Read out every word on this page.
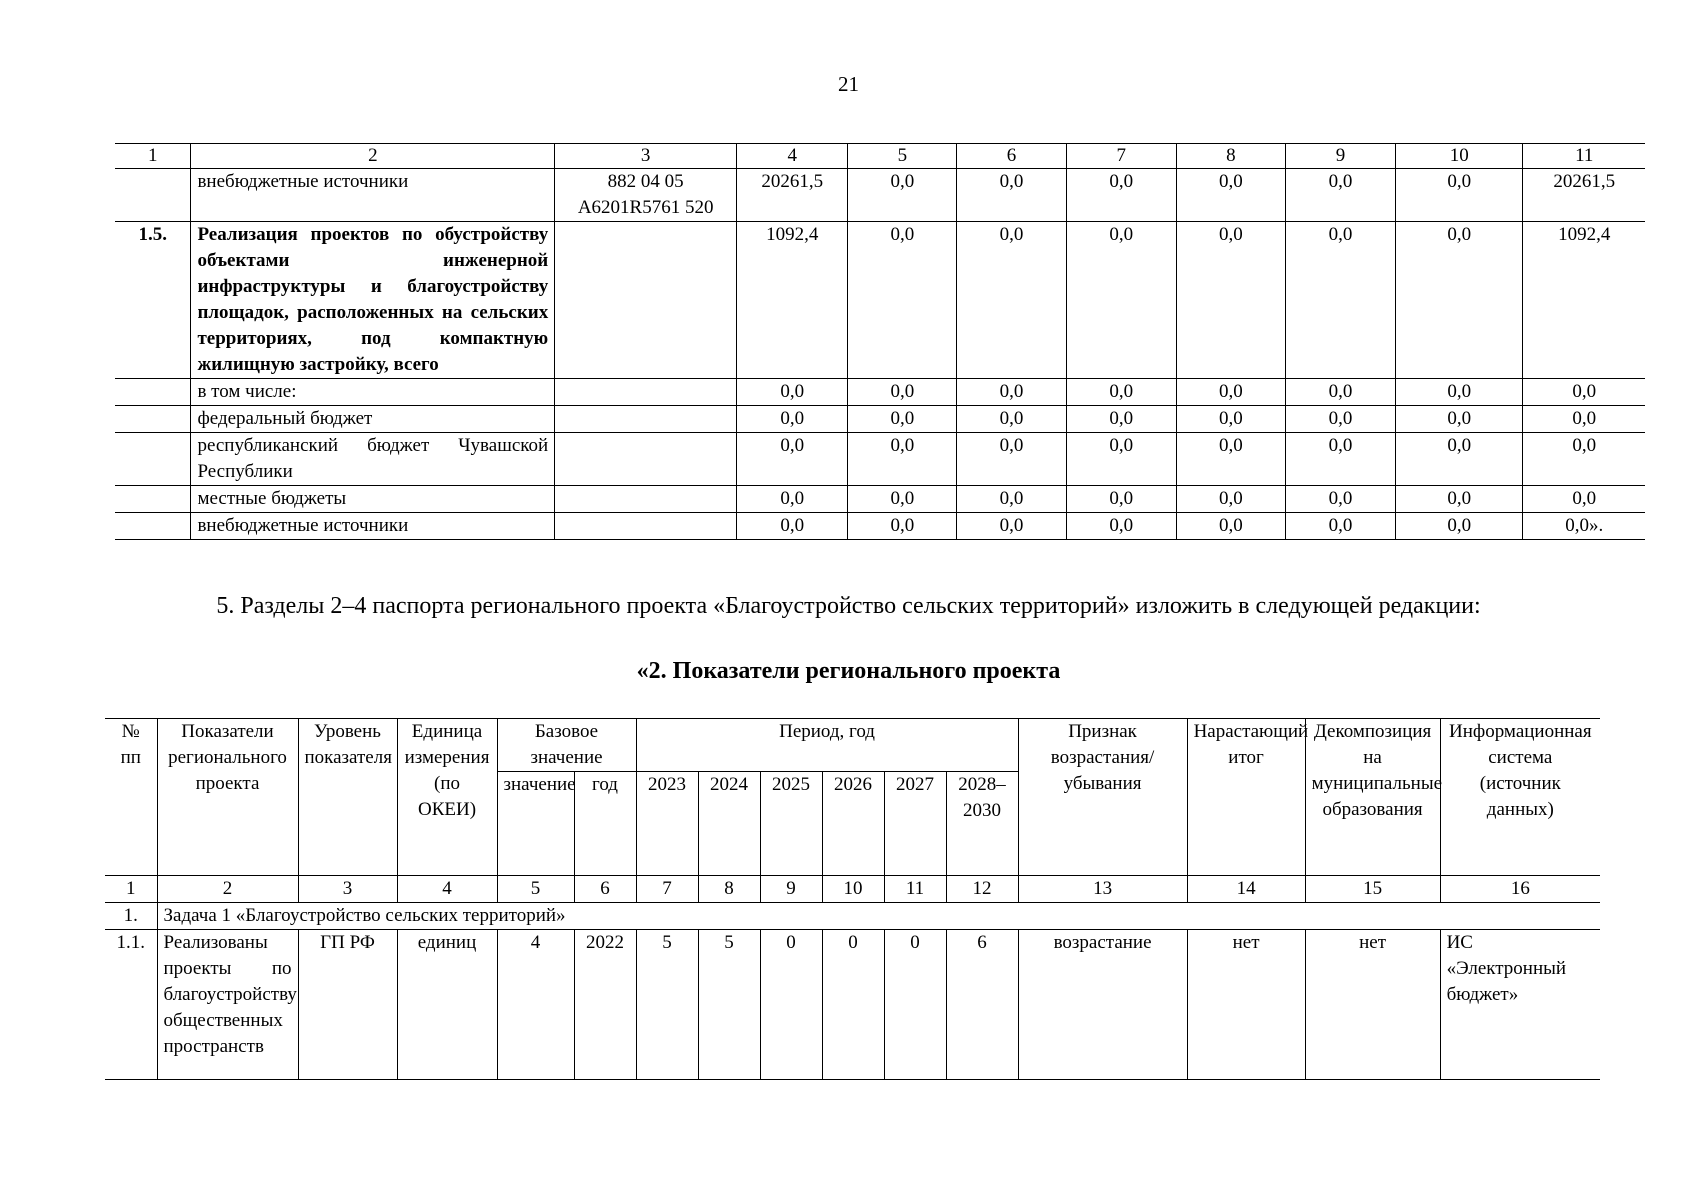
21
1	2	3	4	5	6	7	8	9	10	11
	внебюджетные источники	882 04 05
A6201R5761 520	20261,5	0,0	0,0	0,0	0,0	0,0	0,0	20261,5
1.5.	Реализация проектов по обустройству объектами инженерной инфраструктуры и благоустройству площадок, расположенных на сельских территориях, под компактную жилищную застройку, всего		1092,4	0,0	0,0	0,0	0,0	0,0	0,0	1092,4
	в том числе:		0,0	0,0	0,0	0,0	0,0	0,0	0,0	0,0
	федеральный бюджет		0,0	0,0	0,0	0,0	0,0	0,0	0,0	0,0
	республиканский бюджет Чувашской Республики		0,0	0,0	0,0	0,0	0,0	0,0	0,0	0,0
	местные бюджеты		0,0	0,0	0,0	0,0	0,0	0,0	0,0	0,0
	внебюджетные источники		0,0	0,0	0,0	0,0	0,0	0,0	0,0	0,0».
5. Разделы 2–4 паспорта регионального проекта «Благоустройство сельских территорий» изложить в следующей редакции:
«2. Показатели регионального проекта
№ пп	Показатели регионального проекта	Уровень показателя	Единица измерения (по ОКЕИ)	Базовое значение		Период, год						Признак возрастания/убывания	Нарастающий итог	Декомпозиция на муниципальные образования	Информационная система (источник данных)
				значение	год	2023	2024	2025	2026	2027	2028–2030				
1	2	3	4	5	6	7	8	9	10	11	12	13	14	15	16
1.	Задача 1 «Благоустройство сельских территорий»														
1.1.	Реализованы проекты по благоустройству общественных пространств	ГП РФ	единиц	4	2022	5	5	0	0	0	6	возрастание	нет	нет	ИС
«Электронный бюджет»
